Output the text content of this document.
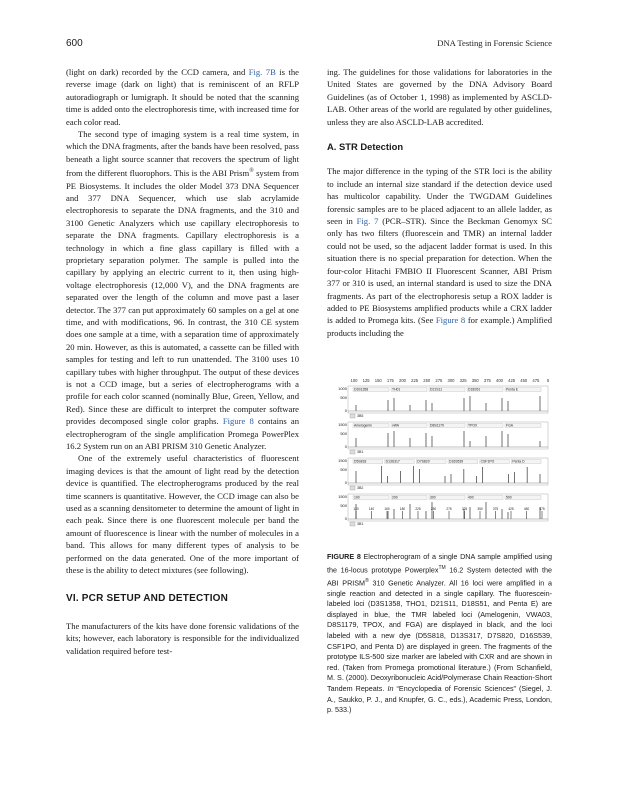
600	DNA Testing in Forensic Science

(light on dark) recorded by the CCD camera, and Fig. 7B is the reverse image (dark on light) that is reminiscent of an RFLP autoradiograph or lumigraph. It should be noted that the scanning time is added onto the electrophoresis time, with increased time for each color read.

The second type of imaging system is a real time system, in which the DNA fragments, after the bands have been resolved, pass beneath a light source scanner that recovers the spectrum of light from the different fluorophors. This is the ABI Prism® system from PE Biosystems. It includes the older Model 373 DNA Sequencer and 377 DNA Sequencer, which use slab acrylamide electrophoresis to separate the DNA fragments, and the 310 and 3100 Genetic Analyzers which use capillary electrophoresis to separate the DNA fragments. Capillary electrophoresis is a technology in which a fine glass capillary is filled with a proprietary separation polymer. The sample is pulled into the capillary by applying an electric current to it, then using high-voltage electrophoresis (12,000 V), and the DNA fragments are separated over the length of the column and move past a laser detector. The 377 can put approximately 60 samples on a gel at one time, and with modifications, 96. In contrast, the 310 CE system does one sample at a time, with a separation time of approximately 20 min. However, as this is automated, a cassette can be filled with samples for testing and left to run unattended. The 3100 uses 10 capillary tubes with higher throughput. The output of these devices is not a CCD image, but a series of electropherograms with a profile for each color scanned (nominally Blue, Green, Yellow, and Red). Since these are difficult to interpret the computer software provides decomposed single color graphs. Figure 8 contains an electropherogram of the single amplification Promega PowerPlex 16.2 System run on an ABI PRISM 310 Genetic Analyzer.

One of the extremely useful characteristics of fluorescent imaging devices is that the amount of light read by the detection device is quantified. The electropherograms produced by the real time scanners is quantitative. However, the CCD image can also be used as a scanning densitometer to determine the amount of light in each peak. Since there is one fluorescent molecule per band the amount of fluorescence is linear with the number of molecules in a band. This allows for many different types of analysis to be performed on the data generated. One of the more important of these is the ability to detect mixtures (see following).

VI. PCR SETUP AND DETECTION

The manufacturers of the kits have done forensic validations of the kits; however, each laboratory is responsible for the individualized validation required before test-

ing. The guidelines for those validations for laboratories in the United States are governed by the DNA Advisory Board Guidelines (as of October 1, 1998) as implemented by ASCLD-LAB. Other areas of the world are regulated by other guidelines, unless they are also ASCLD-LAB accredited.

A. STR Detection

The major difference in the typing of the STR loci is the ability to include an internal size standard if the detection device used has multicolor capability. Under the TWGDAM Guidelines forensic samples are to be placed adjacent to an allele ladder, as seen in Fig. 7 (PCR–STR). Since the Beckman Genomyx SC only has two filters (fluorescein and TMR) an internal ladder could not be used, so the adjacent ladder format is used. In this situation there is no special preparation for detection. When the four-color Hitachi FMBIO II Fluorescent Scanner, ABI Prism 377 or 310 is used, an internal standard is used to size the DNA fragments. As part of the electrophoresis setup a ROX ladder is added to PE Biosystems amplified products while a CRX ladder is added to Promega kits. (See Figure 8 for example.) Amplified products including the

100 125 150 175 200 225 250 275 300 325 350 375 400 425 450 475 5
1000
500
0
D3S1358	TH01	D21S11	D18S51	Penta E
3B5
1500
500
0
Amelogenin	vWA	D8S1179	TPOX	FGA
3B1
1500
500
0
D5S818	D13S317	D7S820	D16S539	CSF1PO	Penta D
3B2
1500
500
0
100	200	300	400	500
120	140	160	180	225	250	275	325	350	375	425	450	475
3B1
FIGURE 8 Electropherogram of a single DNA sample amplified using the 16-locus prototype Powerplex™ 16.2 System detected with the ABI PRISM® 310 Genetic Analyzer. All 16 loci were amplified in a single reaction and detected in a single capillary. The fluorescein-labeled loci (D3S1358, THO1, D21S11, D18S51, and Penta E) are displayed in blue, the TMR labeled loci (Amelogenin, VWA03, D8S1179, TPOX, and FGA) are displayed in black, and the loci labeled with a new dye (D5S818, D13S317, D7S820, D16S539, CSF1PO, and Penta D) are displayed in green. The fragments of the prototype ILS-500 size marker are labeled with CXR and are shown in red. (Taken from Promega promotional literature.) (From Schanfield, M. S. (2000). Deoxyribonucleic Acid/Polymerase Chain Reaction-Short Tandem Repeats. In “Encyclopedia of Forensic Sciences” (Siegel, J. A., Saukko, P. J., and Knupfer, G. C., eds.), Academic Press, London, p. 533.)
